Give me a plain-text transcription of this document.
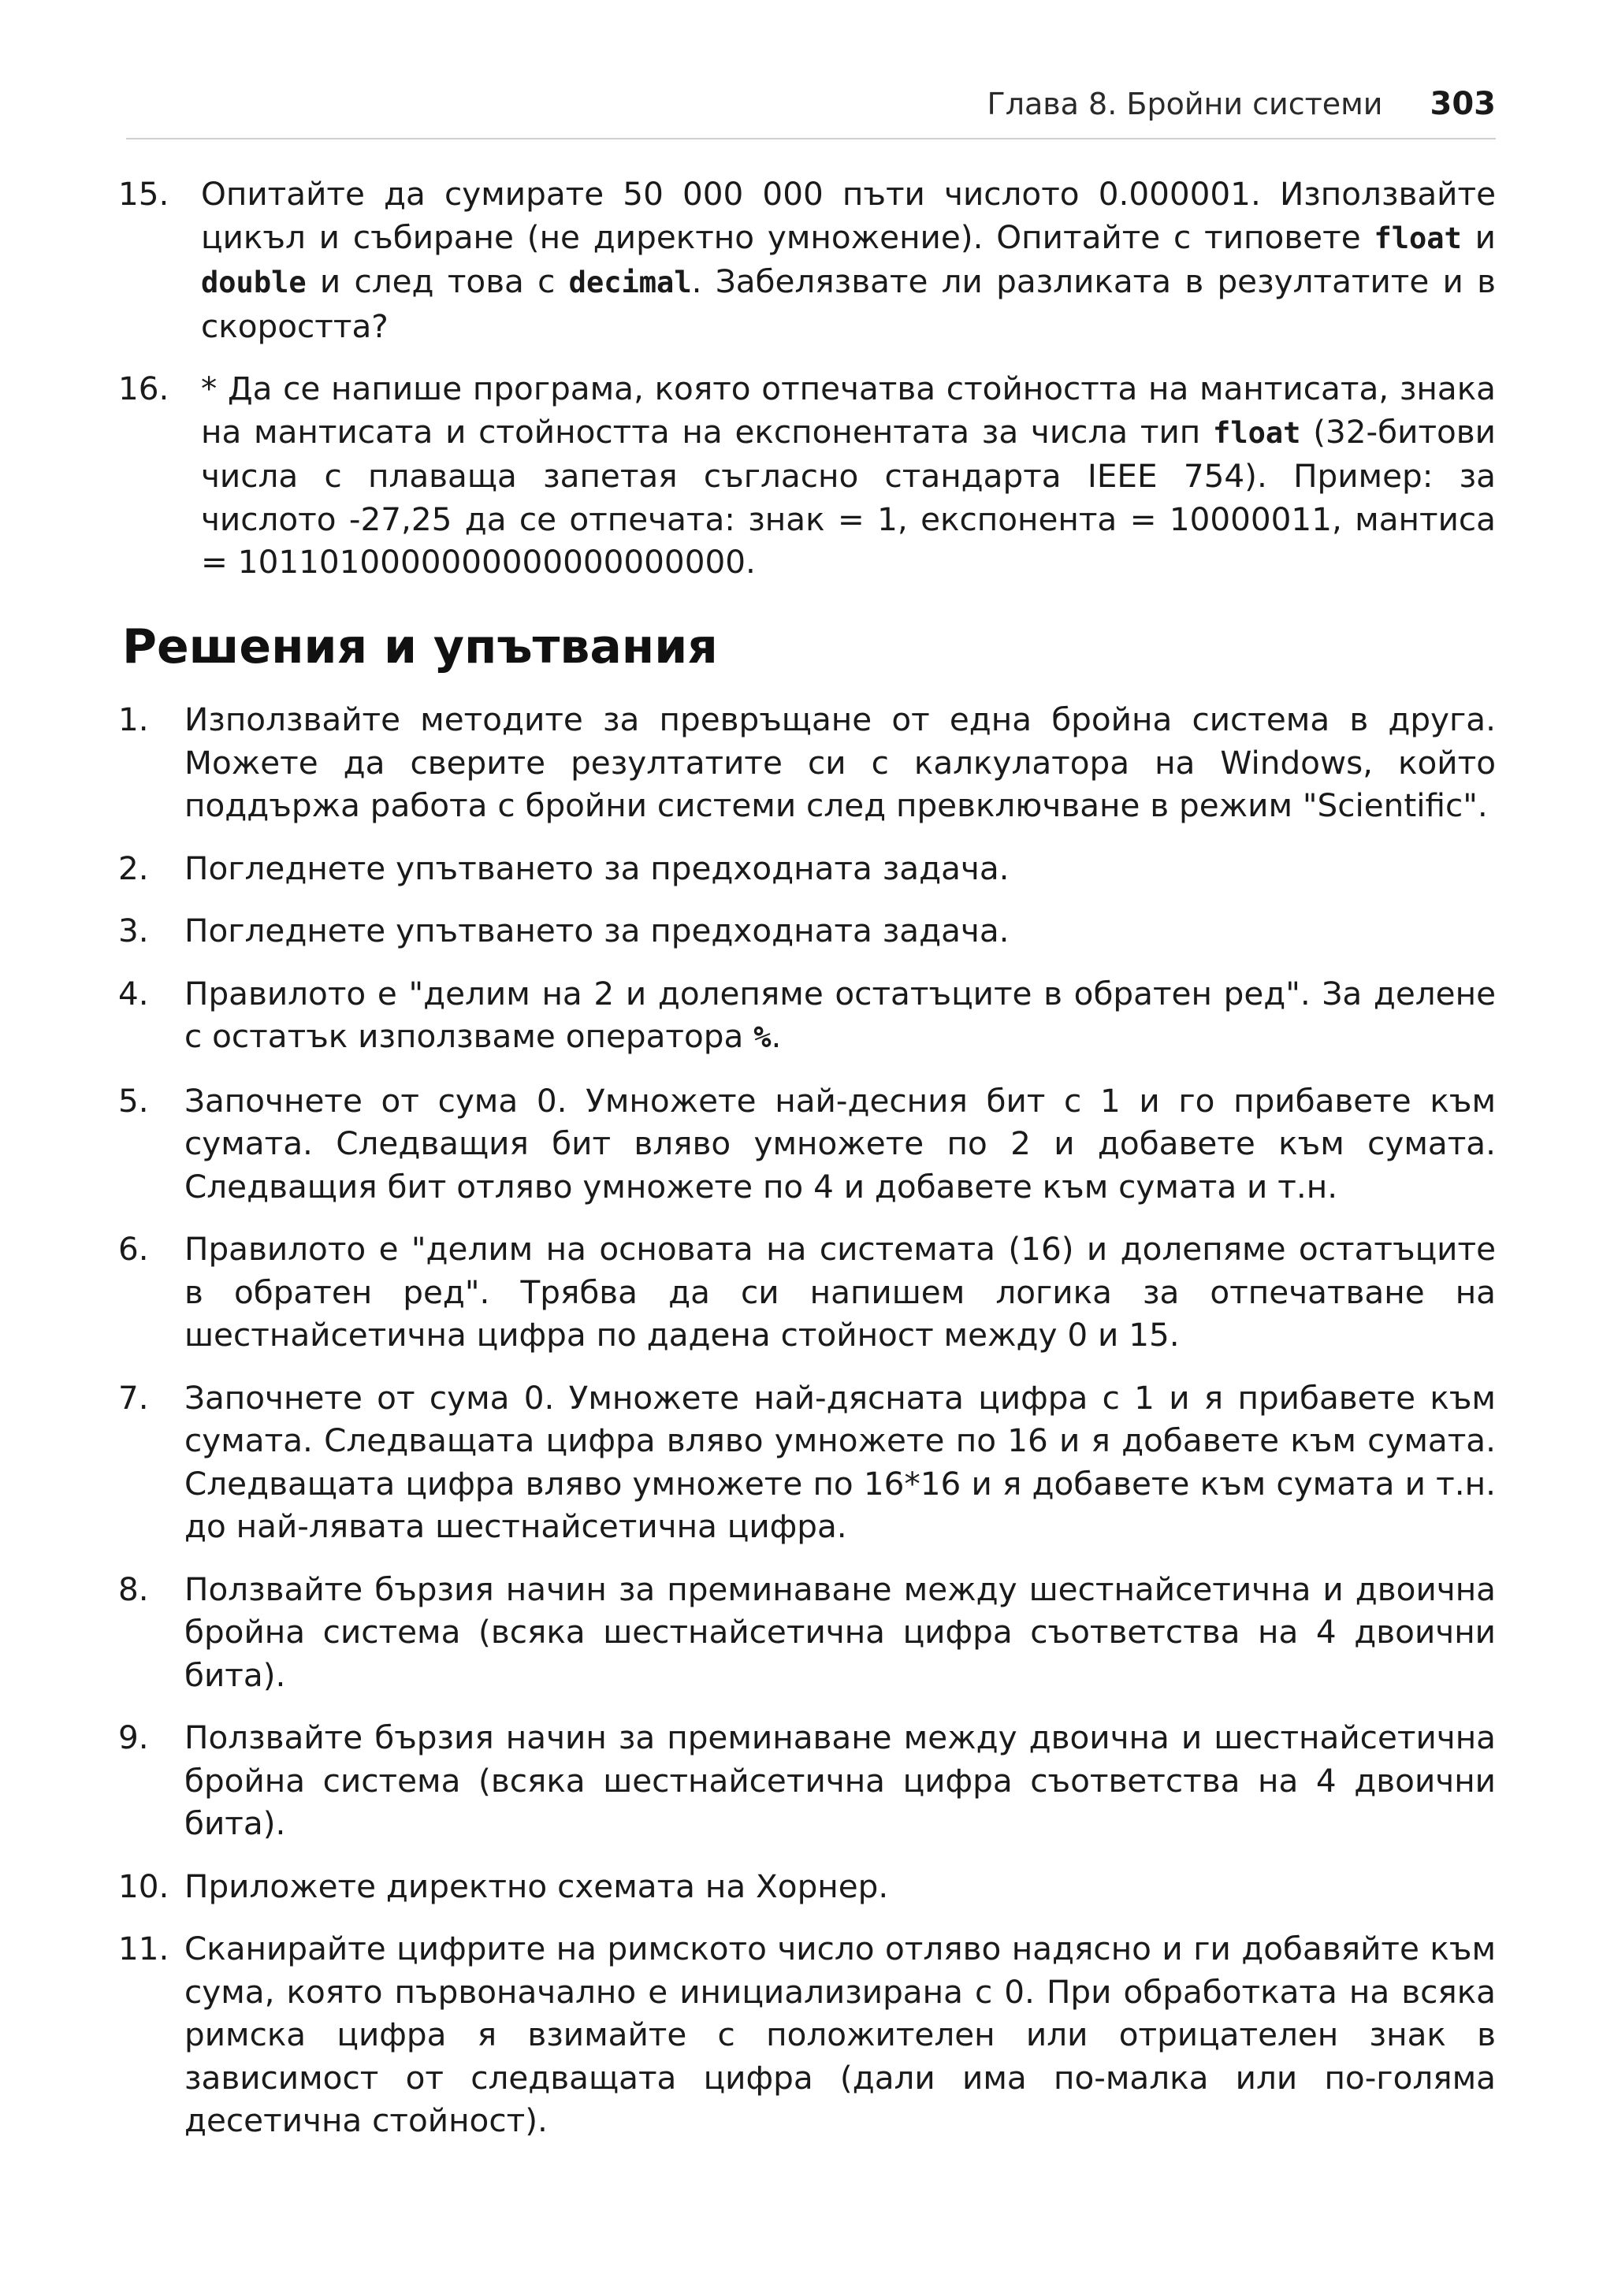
Глава 8. Бройни системи 303
15. Опитайте да сумирате 50 000 000 пъти числото 0.000001. Използвайте цикъл и събиране (не директно умножение). Опитайте с типовете float и double и след това с decimal. Забелязвате ли разликата в резултатите и в скоростта?
16. * Да се напише програма, която отпечатва стойността на мантисата, знака на мантисата и стойността на експонентата за числа тип float (32-битови числа с плаваща запетая съгласно стандарта IEEE 754). Пример: за числото -27,25 да се отпечата: знак = 1, експонента = 10000011, мантиса = 1011010000000000000000000.
Решения и упътвания
1. Използвайте методите за превръщане от една бройна система в друга. Можете да сверите резултатите си с калкулатора на Windows, който поддържа работа с бройни системи след превключване в режим "Scientific".
2. Погледнете упътването за предходната задача.
3. Погледнете упътването за предходната задача.
4. Правилото е "делим на 2 и долепяме остатъците в обратен ред". За делене с остатък използваме оператора %.
5. Започнете от сума 0. Умножете най-десния бит с 1 и го прибавете към сумата. Следващия бит вляво умножете по 2 и добавете към сумата. Следващия бит отляво умножете по 4 и добавете към сумата и т.н.
6. Правилото е "делим на основата на системата (16) и долепяме остатъците в обратен ред". Трябва да си напишем логика за отпечатване на шестнайсетична цифра по дадена стойност между 0 и 15.
7. Започнете от сума 0. Умножете най-дясната цифра с 1 и я прибавете към сумата. Следващата цифра вляво умножете по 16 и я добавете към сумата. Следващата цифра вляво умножете по 16*16 и я добавете към сумата и т.н. до най-лявата шестнайсетична цифра.
8. Ползвайте бързия начин за преминаване между шестнайсетична и двоична бройна система (всяка шестнайсетична цифра съответства на 4 двоични бита).
9. Ползвайте бързия начин за преминаване между двоична и шестнайсетична бройна система (всяка шестнайсетична цифра съответства на 4 двоични бита).
10. Приложете директно схемата на Хорнер.
11. Сканирайте цифрите на римското число отляво надясно и ги добавяйте към сума, която първоначално е инициализирана с 0. При обработката на всяка римска цифра я взимайте с положителен или отрицателен знак в зависимост от следващата цифра (дали има по-малка или по-голяма десетична стойност).
